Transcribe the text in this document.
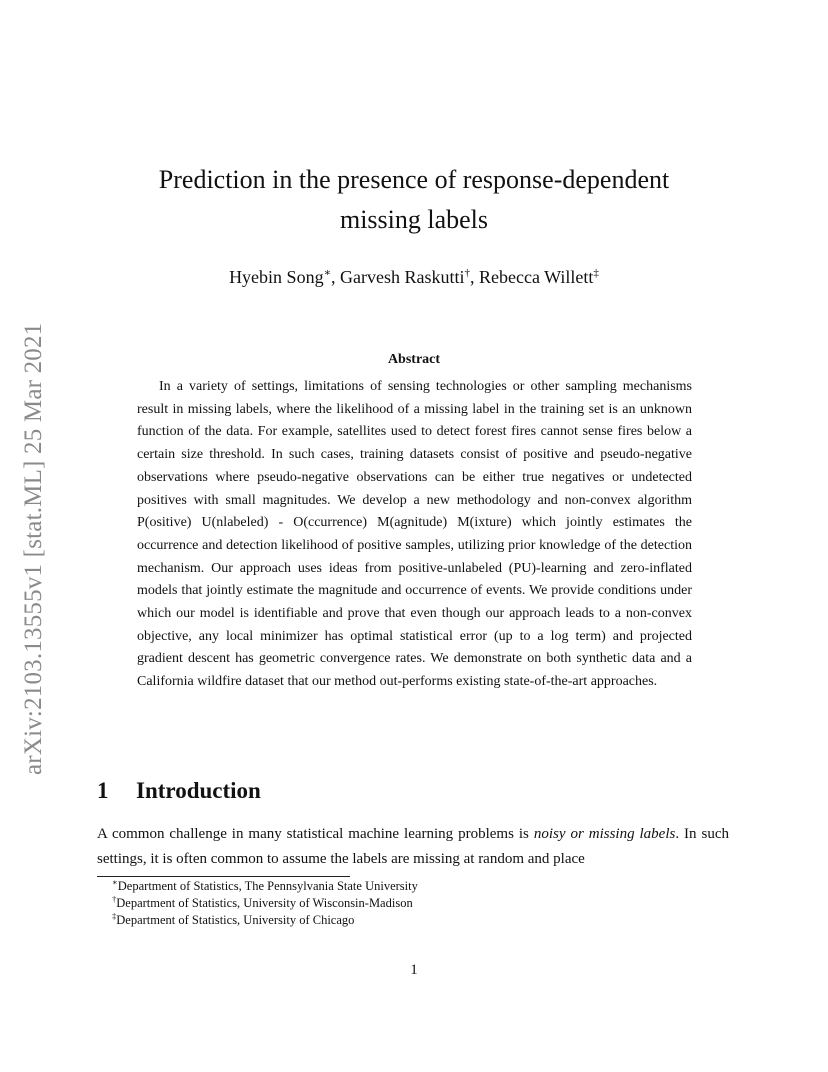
arXiv:2103.13555v1 [stat.ML] 25 Mar 2021
Prediction in the presence of response-dependent
missing labels
Hyebin Song∗, Garvesh Raskutti†, Rebecca Willett‡
Abstract
In a variety of settings, limitations of sensing technologies or other sampling mechanisms result in missing labels, where the likelihood of a missing label in the training set is an unknown function of the data. For example, satellites used to detect forest fires cannot sense fires below a certain size threshold. In such cases, training datasets consist of positive and pseudo-negative observations where pseudo-negative observations can be either true negatives or undetected positives with small magnitudes. We develop a new methodology and non-convex algorithm P(ositive) U(nlabeled) - O(ccurrence) M(agnitude) M(ixture) which jointly estimates the occurrence and detection likelihood of positive samples, utilizing prior knowledge of the detection mechanism. Our approach uses ideas from positive-unlabeled (PU)-learning and zero-inflated models that jointly estimate the magnitude and occurrence of events. We provide conditions under which our model is identifiable and prove that even though our approach leads to a non-convex objective, any local minimizer has optimal statistical error (up to a log term) and projected gradient descent has geometric convergence rates. We demonstrate on both synthetic data and a California wildfire dataset that our method out-performs existing state-of-the-art approaches.
1 Introduction
A common challenge in many statistical machine learning problems is noisy or missing labels. In such settings, it is often common to assume the labels are missing at random and place
∗Department of Statistics, The Pennsylvania State University
†Department of Statistics, University of Wisconsin-Madison
‡Department of Statistics, University of Chicago
1
